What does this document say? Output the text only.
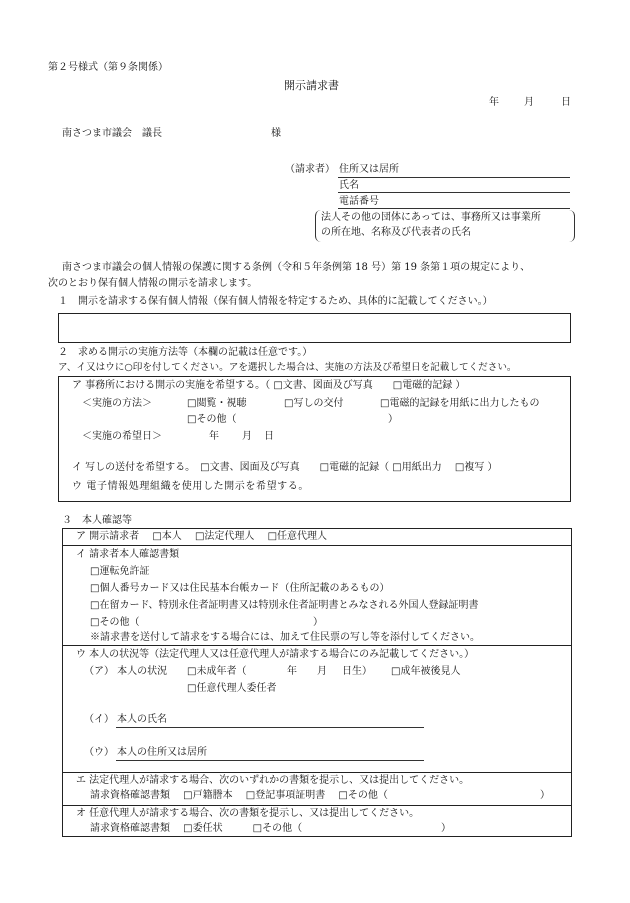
第２号様式（第９条関係）
開示請求書
年	月	日
南さつま市議会　議長	様
（請求者） 住所又は居所
氏名
電話番号
法人その他の団体にあっては、事務所又は事業所
の所在地、名称及び代表者の氏名
南さつま市議会の個人情報の保護に関する条例（令和５年条例第 18 号）第 19 条第１項の規定により、
次のとおり保有個人情報の開示を請求します。
１　開示を請求する保有個人情報（保有個人情報を特定するため、具体的に記載してください。）
２　求める開示の実施方法等（本欄の記載は任意です。）
ア、イ又はウに○印を付してください。アを選択した場合は、実施の方法及び希望日を記載してください。
ア 事務所における開示の実施を希望する。（ □文書、図面及び写真　　□電磁的記録 ）
＜実施の方法＞	□閲覧・視聴	□写しの交付	□電磁的記録を用紙に出力したもの
□その他（	）
＜実施の希望日＞	年 月 日
イ 写しの送付を希望する。　□文書、図面及び写真　　□電磁的記録（ □用紙出力　 □複写 ）
ウ 電子情報処理組織を使用した開示を希望する。
３　本人確認等
ア 開示請求者　 □本人　 □法定代理人　 □任意代理人
イ 請求者本人確認書類
□運転免許証
□個人番号カード又は住民基本台帳カード（住所記載のあるもの）
□在留カード、特別永住者証明書又は特別永住者証明書とみなされる外国人登録証明書
□その他（	）
※請求書を送付して請求をする場合には、加えて住民票の写し等を添付してください。
ウ 本人の状況等（法定代理人又は任意代理人が請求する場合にのみ記載してください。）
（ア） 本人の状況 □未成年者（	年 月 日生） □成年被後見人
□任意代理人委任者
（イ） 本人の氏名
（ウ） 本人の住所又は居所
エ 法定代理人が請求する場合、次のいずれかの書類を提示し、又は提出してください。
請求資格確認書類　 □戸籍謄本　 □登記事項証明書　 □その他（	）
オ 任意代理人が請求する場合、次の書類を提示し、又は提出してください。
請求資格確認書類　 □委任状　　　□その他（	）
